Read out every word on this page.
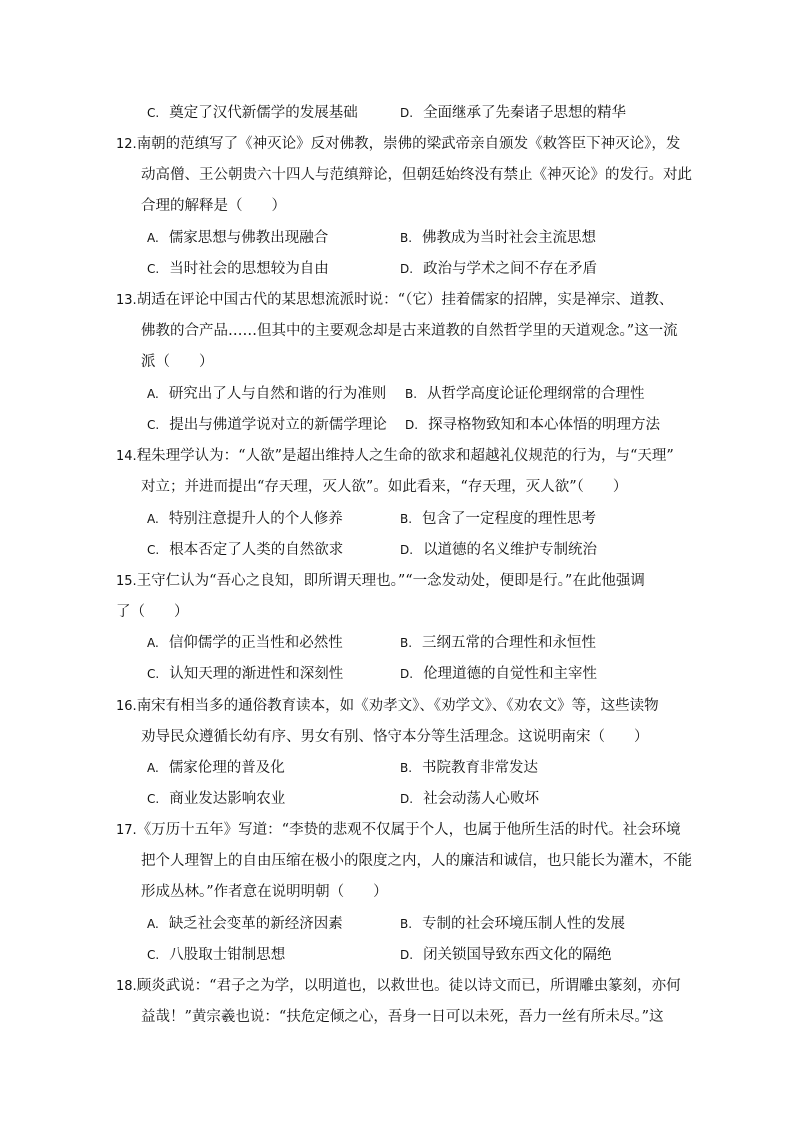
C. 奠定了汉代新儒学的发展基础	D. 全面继承了先秦诸子思想的精华
12.南朝的范缜写了《神灭论》反对佛教，崇佛的梁武帝亲自颁发《敕答臣下神灭论》，发
动高僧、王公朝贵六十四人与范缜辩论，但朝廷始终没有禁止《神灭论》的发行。对此
合理的解释是（　　）
A. 儒家思想与佛教出现融合	B. 佛教成为当时社会主流思想
C. 当时社会的思想较为自由	D. 政治与学术之间不存在矛盾
13.胡适在评论中国古代的某思想流派时说：“（它）挂着儒家的招牌，实是禅宗、道教、
佛教的合产品……但其中的主要观念却是古来道教的自然哲学里的天道观念。”这一流
派（　　）
A. 研究出了人与自然和谐的行为准则 B. 从哲学高度论证伦理纲常的合理性
C. 提出与佛道学说对立的新儒学理论 D. 探寻格物致知和本心体悟的明理方法
14.程朱理学认为：“人欲”是超出维持人之生命的欲求和超越礼仪规范的行为，与“天理”
对立；并进而提出“存天理，灭人欲”。如此看来，“存天理，灭人欲”（　　）
A. 特别注意提升人的个人修养	B. 包含了一定程度的理性思考
C. 根本否定了人类的自然欲求	D. 以道德的名义维护专制统治
15.王守仁认为“吾心之良知，即所谓天理也。”“一念发动处，便即是行。”在此他强调
了（　　）
A. 信仰儒学的正当性和必然性	B. 三纲五常的合理性和永恒性
C. 认知天理的渐进性和深刻性	D. 伦理道德的自觉性和主宰性
16.南宋有相当多的通俗教育读本，如《劝孝文》、《劝学文》、《劝农文》等，这些读物
劝导民众遵循长幼有序、男女有别、恪守本分等生活理念。这说明南宋（　　）
A. 儒家伦理的普及化	B. 书院教育非常发达
C. 商业发达影响农业	D. 社会动荡人心败坏
17.《万历十五年》写道：“李贽的悲观不仅属于个人，也属于他所生活的时代。社会环境
把个人理智上的自由压缩在极小的限度之内，人的廉洁和诚信，也只能长为灌木，不能
形成丛林。”作者意在说明明朝（　　）
A. 缺乏社会变革的新经济因素	B. 专制的社会环境压制人性的发展
C. 八股取士钳制思想	D. 闭关锁国导致东西文化的隔绝
18.顾炎武说：“君子之为学，以明道也，以救世也。徒以诗文而已，所谓雕虫篆刻，亦何
益哉！”黄宗羲也说：“扶危定倾之心，吾身一日可以未死，吾力一丝有所未尽。”这
